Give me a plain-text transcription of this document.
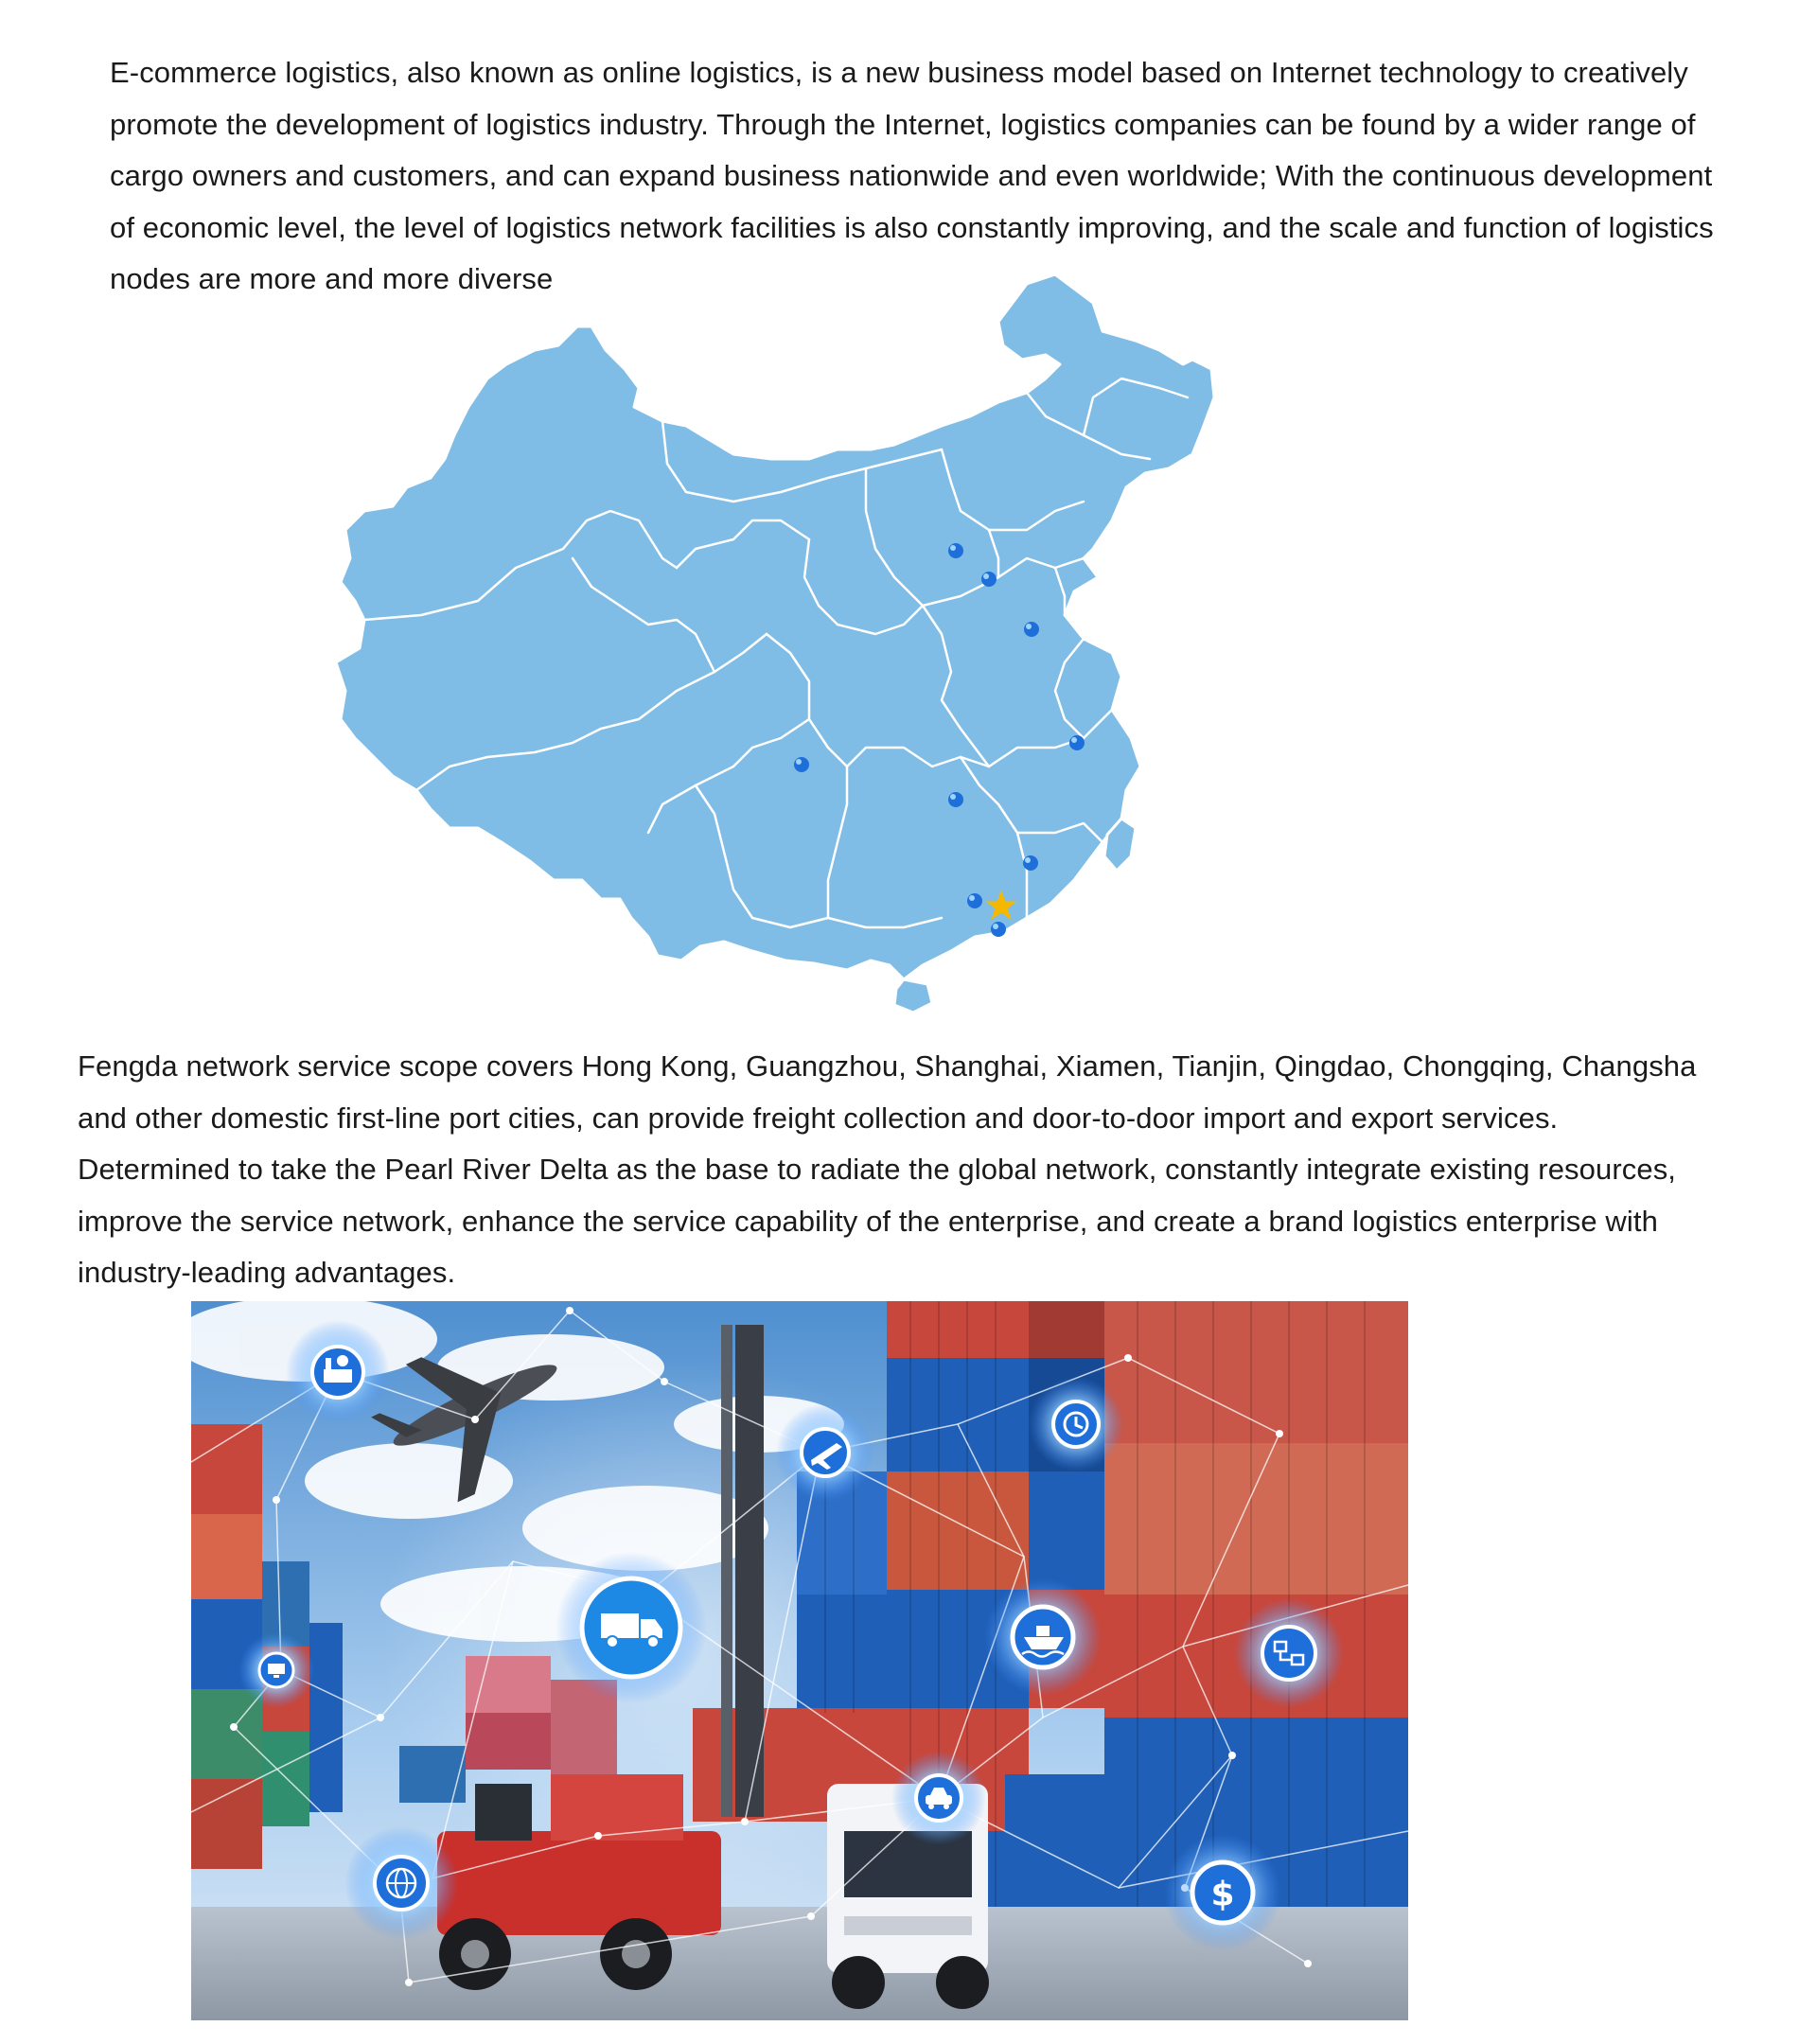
E-commerce logistics, also known as online logistics, is a new business model based on Internet technology to creatively promote the development of logistics industry. Through the Internet, logistics companies can be found by a wider range of cargo owners and customers, and can expand business nationwide and even worldwide; With the continuous development of economic level, the level of logistics network facilities is also constantly improving, and the scale and function of logistics nodes are more and more diverse

Fengda network service scope covers Hong Kong, Guangzhou, Shanghai, Xiamen, Tianjin, Qingdao, Chongqing, Changsha and other domestic first-line port cities, can provide freight collection and door-to-door import and export services. Determined to take the Pearl River Delta as the base to radiate the global network, constantly integrate existing resources, improve the service network, enhance the service capability of the enterprise, and create a brand logistics enterprise with industry-leading advantages.

$
